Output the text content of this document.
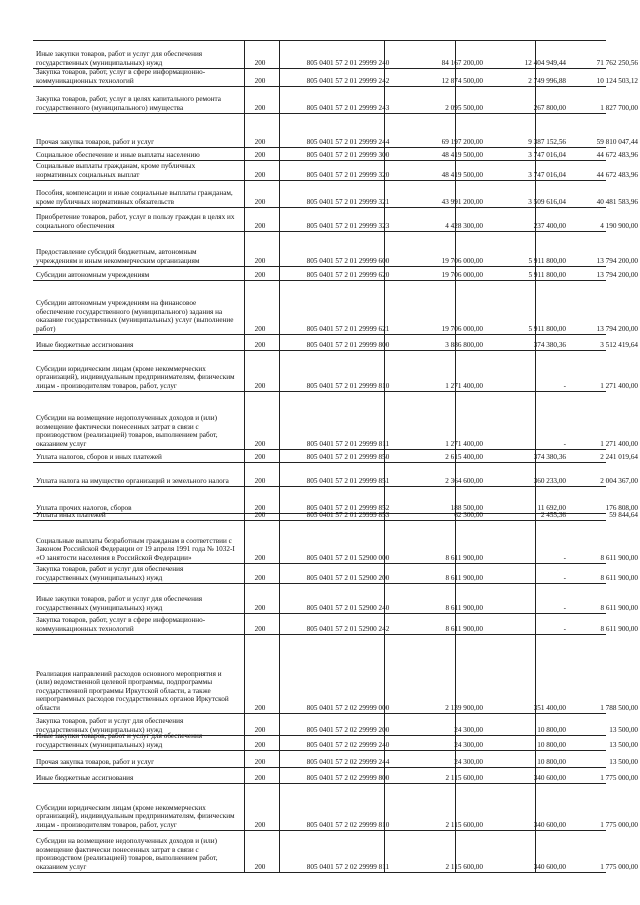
Иные закупки товаров, работ и услуг для обеспечения государственных (муниципальных) нужд	200	805 0401 57 2 01 29999 240	84 167 200,00	12 404 949,44	71 762 250,56
Закупка товаров, работ, услуг в сфере информационно-коммуникационных технологий	200	805 0401 57 2 01 29999 242	12 874 500,00	2 749 996,88	10 124 503,12
Закупка товаров, работ, услуг в целях капитального ремонта государственного (муниципального) имущества	200	805 0401 57 2 01 29999 243	2 095 500,00	267 800,00	1 827 700,00
Прочая закупка товаров, работ и услуг	200	805 0401 57 2 01 29999 244	69 197 200,00	9 387 152,56	59 810 047,44
Социальное обеспечение и иные выплаты населению	200	805 0401 57 2 01 29999 300	48 419 500,00	3 747 016,04	44 672 483,96
Социальные выплаты гражданам, кроме публичных нормативных социальных выплат	200	805 0401 57 2 01 29999 320	48 419 500,00	3 747 016,04	44 672 483,96
Пособия, компенсации и иные социальные выплаты гражданам, кроме публичных нормативных обязательств	200	805 0401 57 2 01 29999 321	43 991 200,00	3 509 616,04	40 481 583,96
Приобретение товаров, работ, услуг в пользу граждан в целях их социального обеспечения	200	805 0401 57 2 01 29999 323	4 428 300,00	237 400,00	4 190 900,00
Предоставление субсидий бюджетным, автономным учреждениям и иным некоммерческим организациям	200	805 0401 57 2 01 29999 600	19 706 000,00	5 911 800,00	13 794 200,00
Субсидии автономным учреждениям	200	805 0401 57 2 01 29999 620	19 706 000,00	5 911 800,00	13 794 200,00
Субсидии автономным учреждениям на финансовое обеспечение государственного (муниципального) задания на оказание государственных (муниципальных) услуг (выполнение работ)	200	805 0401 57 2 01 29999 621	19 706 000,00	5 911 800,00	13 794 200,00
Иные бюджетные ассигнования	200	805 0401 57 2 01 29999 800	3 886 800,00	374 380,36	3 512 419,64
Субсидии юридическим лицам (кроме некоммерческих организаций), индивидуальным предпринимателям, физическим лицам - производителям товаров, работ, услуг	200	805 0401 57 2 01 29999 810	1 271 400,00	-	1 271 400,00
Субсидии на возмещение недополученных доходов и (или) возмещение фактически понесенных затрат в связи с производством (реализацией) товаров, выполнением работ, оказанием услуг	200	805 0401 57 2 01 29999 811	1 271 400,00	-	1 271 400,00
Уплата налогов, сборов и иных платежей	200	805 0401 57 2 01 29999 850	2 615 400,00	374 380,36	2 241 019,64
Уплата налога на имущество организаций и земельного налога	200	805 0401 57 2 01 29999 851	2 364 600,00	360 233,00	2 004 367,00
Уплата прочих налогов, сборов	200	805 0401 57 2 01 29999 852	188 500,00	11 692,00	176 808,00
Уплата иных платежей	200	805 0401 57 2 01 29999 853	62 300,00	2 455,36	59 844,64
Социальные выплаты безработным гражданам в соответствии с Законом Российской Федерации от 19 апреля 1991 года № 1032-I «О занятости населения в Российской Федерации»	200	805 0401 57 2 01 52900 000	8 611 900,00	-	8 611 900,00
Закупка товаров, работ и услуг для обеспечения государственных (муниципальных) нужд	200	805 0401 57 2 01 52900 200	8 611 900,00	-	8 611 900,00
Иные закупки товаров, работ и услуг для обеспечения государственных (муниципальных) нужд	200	805 0401 57 2 01 52900 240	8 611 900,00	-	8 611 900,00
Закупка товаров, работ, услуг в сфере информационно-коммуникационных технологий	200	805 0401 57 2 01 52900 242	8 611 900,00	-	8 611 900,00
Реализация направлений расходов основного мероприятия и (или) ведомственной целевой программы, подпрограммы государственной программы Иркутской области, а также непрограммных расходов государственных органов Иркутской области	200	805 0401 57 2 02 29999 000	2 139 900,00	351 400,00	1 788 500,00
Закупка товаров, работ и услуг для обеспечения государственных (муниципальных) нужд	200	805 0401 57 2 02 29999 200	24 300,00	10 800,00	13 500,00
Иные закупки товаров, работ и услуг для обеспечения государственных (муниципальных) нужд	200	805 0401 57 2 02 29999 240	24 300,00	10 800,00	13 500,00
Прочая закупка товаров, работ и услуг	200	805 0401 57 2 02 29999 244	24 300,00	10 800,00	13 500,00
Иные бюджетные ассигнования	200	805 0401 57 2 02 29999 800	2 115 600,00	340 600,00	1 775 000,00
Субсидии юридическим лицам (кроме некоммерческих организаций), индивидуальным предпринимателям, физическим лицам - производителям товаров, работ, услуг	200	805 0401 57 2 02 29999 810	2 115 600,00	340 600,00	1 775 000,00
Субсидии на возмещение недополученных доходов и (или) возмещение фактически понесенных затрат в связи с производством (реализацией) товаров, выполнением работ, оказанием услуг	200	805 0401 57 2 02 29999 811	2 115 600,00	340 600,00	1 775 000,00
